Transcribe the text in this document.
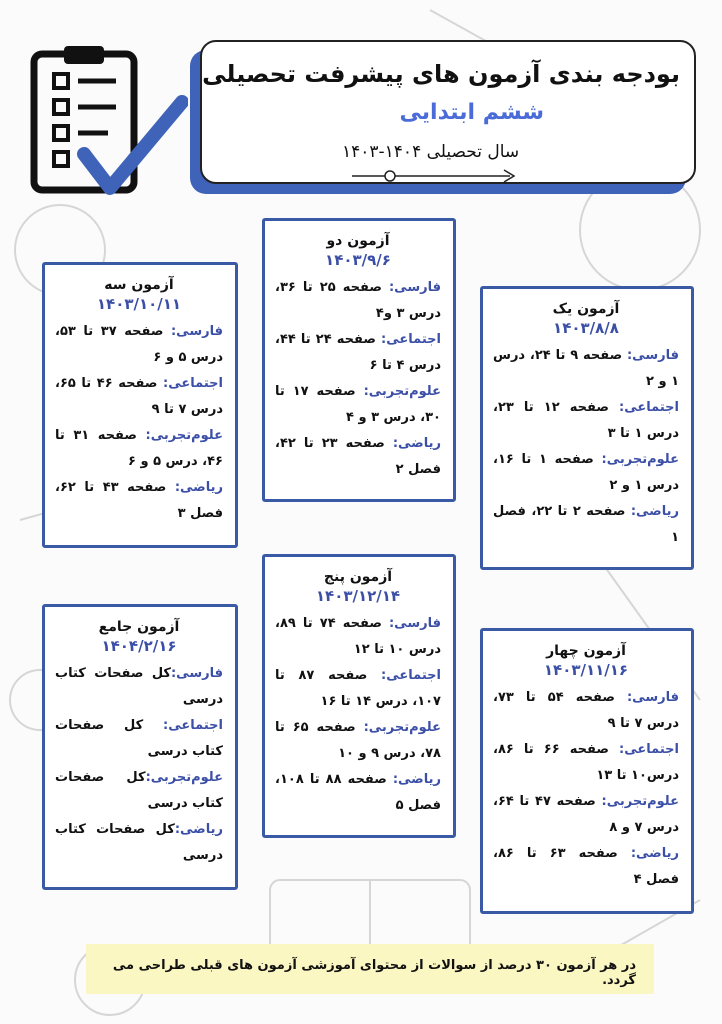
بودجه بندی آزمون های پیشرفت تحصیلی
ششم ابتدایی
سال تحصیلی ۱۴۰۴-۱۴۰۳
آزمون یک
۱۴۰۳/۸/۸
فارسی: صفحه ۹ تا ۲۴، درس ۱ و ۲
اجتماعی: صفحه ۱۲ تا ۲۳، درس ۱ تا ۳
علوم‌تجربی: صفحه ۱ تا ۱۶، درس ۱ و ۲
ریاضی: صفحه ۲ تا ۲۲، فصل ۱
آزمون دو
۱۴۰۳/۹/۶
فارسی: صفحه ۲۵ تا ۳۶، درس ۳ و۴
اجتماعی: صفحه ۲۴ تا ۴۴، درس ۴ تا ۶
علوم‌تجربی: صفحه ۱۷ تا ۳۰، درس ۳ و ۴
ریاضی: صفحه ۲۳ تا ۴۲، فصل ۲
آزمون سه
۱۴۰۳/۱۰/۱۱
فارسی: صفحه ۳۷ تا ۵۳، درس ۵ و ۶
اجتماعی: صفحه ۴۶ تا ۶۵، درس ۷ تا ۹
علوم‌تجربی: صفحه ۳۱ تا ۴۶، درس ۵ و ۶
ریاضی: صفحه ۴۳ تا ۶۲، فصل ۳
آزمون چهار
۱۴۰۳/۱۱/۱۶
فارسی: صفحه ۵۴ تا ۷۳، درس ۷ تا ۹
اجتماعی: صفحه ۶۶ تا ۸۶، درس۱۰ تا ۱۳
علوم‌تجربی: صفحه ۴۷ تا ۶۴، درس ۷ و ۸
ریاضی: صفحه ۶۳ تا ۸۶، فصل ۴
آزمون پنج
۱۴۰۳/۱۲/۱۴
فارسی: صفحه ۷۴ تا ۸۹، درس ۱۰ تا ۱۲
اجتماعی: صفحه ۸۷ تا ۱۰۷، درس ۱۴ تا ۱۶
علوم‌تجربی: صفحه ۶۵ تا ۷۸، درس ۹ و ۱۰
ریاضی: صفحه ۸۸ تا ۱۰۸، فصل ۵
آزمون جامع
۱۴۰۴/۲/۱۶
فارسی:کل صفحات کتاب درسی
اجتماعی: کل صفحات کتاب درسی
علوم‌تجربی:کل صفحات کتاب درسی
ریاضی:کل صفحات کتاب درسی
در هر آزمون ۳۰ درصد از سوالات از محتوای آموزشی آزمون های قبلی طراحی می گردد.
